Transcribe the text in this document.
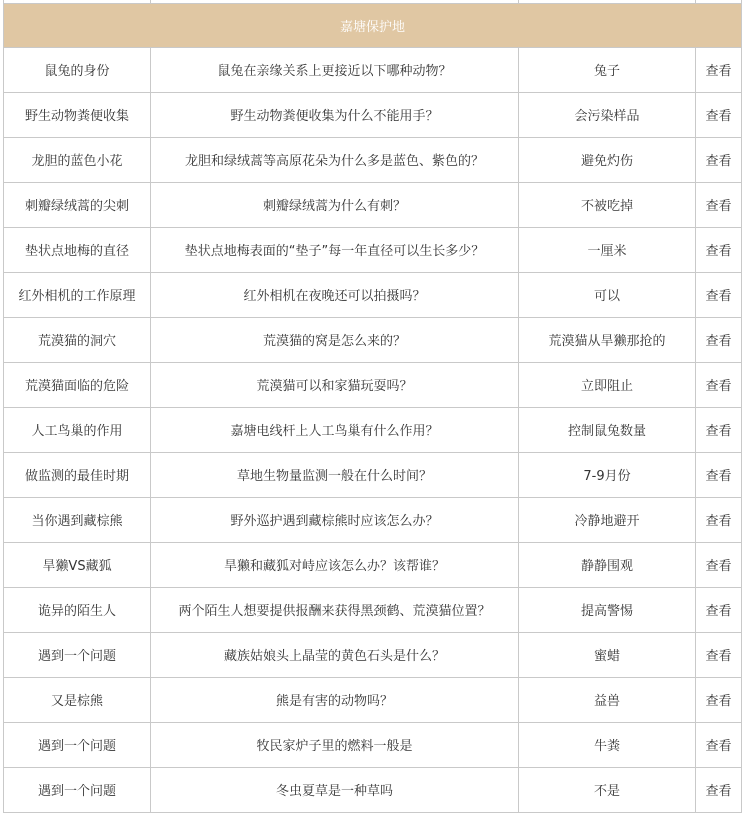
嘉塘保护地			
鼠兔的身份	鼠兔在亲缘关系上更接近以下哪种动物？	兔子	查看
野生动物粪便收集	野生动物粪便收集为什么不能用手？	会污染样品	查看
龙胆的蓝色小花	龙胆和绿绒蒿等高原花朵为什么多是蓝色、紫色的？	避免灼伤	查看
刺瓣绿绒蒿的尖刺	刺瓣绿绒蒿为什么有刺？	不被吃掉	查看
垫状点地梅的直径	垫状点地梅表面的“垫子”每一年直径可以生长多少？	一厘米	查看
红外相机的工作原理	红外相机在夜晚还可以拍摄吗？	可以	查看
荒漠猫的洞穴	荒漠猫的窝是怎么来的？	荒漠猫从旱獭那抢的	查看
荒漠猫面临的危险	荒漠猫可以和家猫玩耍吗？	立即阻止	查看
人工鸟巢的作用	嘉塘电线杆上人工鸟巢有什么作用？	控制鼠兔数量	查看
做监测的最佳时期	草地生物量监测一般在什么时间？	7-9月份	查看
当你遇到藏棕熊	野外巡护遇到藏棕熊时应该怎么办？	冷静地避开	查看
旱獭VS藏狐	旱獭和藏狐对峙应该怎么办？该帮谁？	静静围观	查看
诡异的陌生人	两个陌生人想要提供报酬来获得黑颈鹤、荒漠猫位置？	提高警惕	查看
遇到一个问题	藏族姑娘头上晶莹的黄色石头是什么？	蜜蜡	查看
又是棕熊	熊是有害的动物吗？	益兽	查看
遇到一个问题	牧民家炉子里的燃料一般是	牛粪	查看
遇到一个问题	冬虫夏草是一种草吗	不是	查看
